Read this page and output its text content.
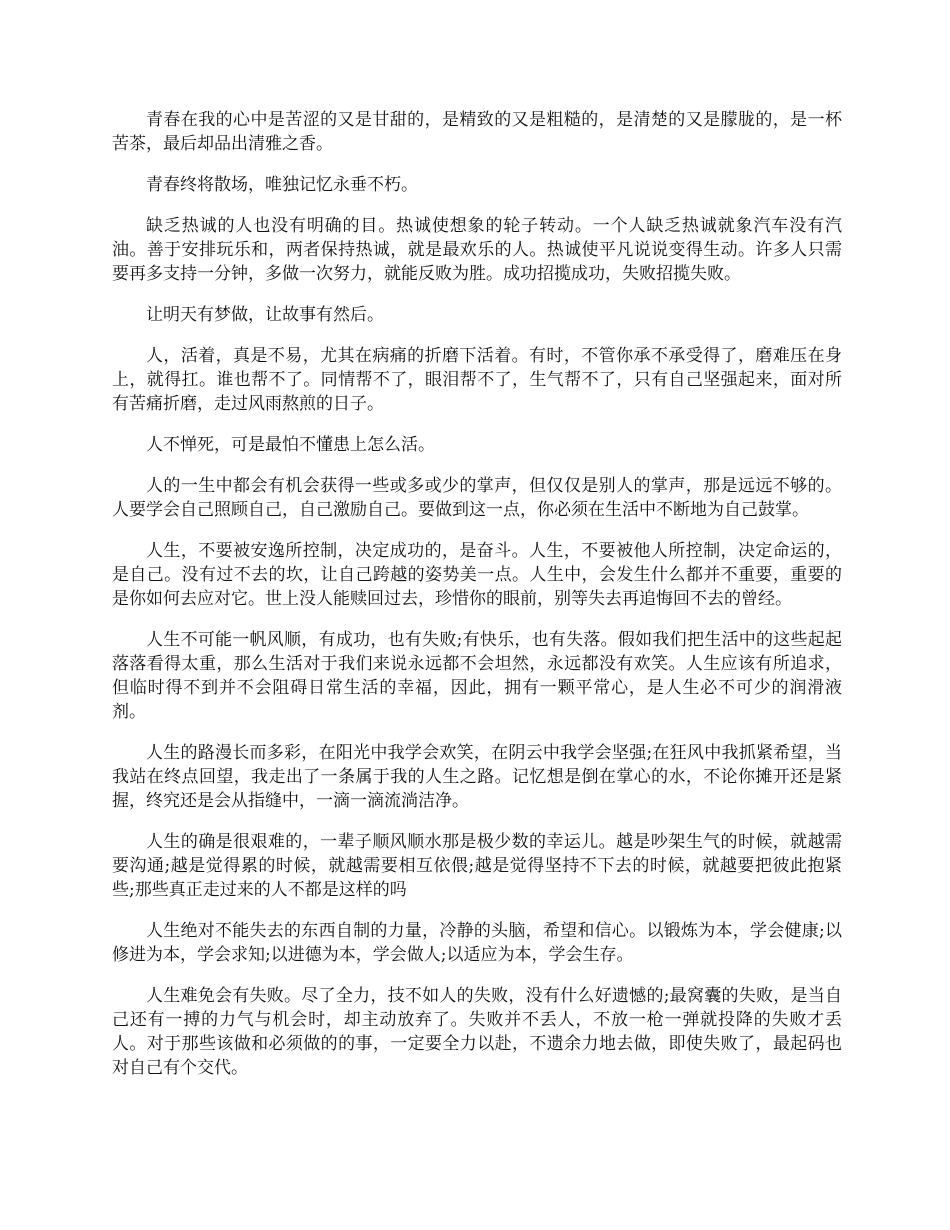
青春在我的心中是苦涩的又是甘甜的，是精致的又是粗糙的，是清楚的又是朦胧的，是一杯苦茶，最后却品出清雅之香。

青春终将散场，唯独记忆永垂不朽。

缺乏热诚的人也没有明确的目。热诚使想象的轮子转动。一个人缺乏热诚就象汽车没有汽油。善于安排玩乐和，两者保持热诚，就是最欢乐的人。热诚使平凡说说变得生动。许多人只需要再多支持一分钟，多做一次努力，就能反败为胜。成功招揽成功，失败招揽失败。

让明天有梦做，让故事有然后。

人，活着，真是不易，尤其在病痛的折磨下活着。有时，不管你承不承受得了，磨难压在身上，就得扛。谁也帮不了。同情帮不了，眼泪帮不了，生气帮不了，只有自己坚强起来，面对所有苦痛折磨，走过风雨熬煎的日子。

人不惮死，可是最怕不懂患上怎么活。

人的一生中都会有机会获得一些或多或少的掌声，但仅仅是别人的掌声，那是远远不够的。人要学会自己照顾自己，自己激励自己。要做到这一点，你必须在生活中不断地为自己鼓掌。

人生，不要被安逸所控制，决定成功的，是奋斗。人生，不要被他人所控制，决定命运的，是自己。没有过不去的坎，让自己跨越的姿势美一点。人生中，会发生什么都并不重要，重要的是你如何去应对它。世上没人能赎回过去，珍惜你的眼前，别等失去再追悔回不去的曾经。

人生不可能一帆风顺，有成功，也有失败;有快乐，也有失落。假如我们把生活中的这些起起落落看得太重，那么生活对于我们来说永远都不会坦然，永远都没有欢笑。人生应该有所追求，但临时得不到并不会阻碍日常生活的幸福，因此，拥有一颗平常心，是人生必不可少的润滑液剂。

人生的路漫长而多彩，在阳光中我学会欢笑，在阴云中我学会坚强;在狂风中我抓紧希望，当我站在终点回望，我走出了一条属于我的人生之路。记忆想是倒在掌心的水，不论你摊开还是紧握，终究还是会从指缝中，一滴一滴流淌洁净。

人生的确是很艰难的，一辈子顺风顺水那是极少数的幸运儿。越是吵架生气的时候，就越需要沟通;越是觉得累的时候，就越需要相互依偎;越是觉得坚持不下去的时候，就越要把彼此抱紧些;那些真正走过来的人不都是这样的吗

人生绝对不能失去的东西自制的力量，冷静的头脑，希望和信心。以锻炼为本，学会健康;以修进为本，学会求知;以进德为本，学会做人;以适应为本，学会生存。

人生难免会有失败。尽了全力，技不如人的失败，没有什么好遗憾的;最窝囊的失败，是当自己还有一搏的力气与机会时，却主动放弃了。失败并不丢人，不放一枪一弹就投降的失败才丢人。对于那些该做和必须做的的事，一定要全力以赴，不遗余力地去做，即使失败了，最起码也对自己有个交代。
